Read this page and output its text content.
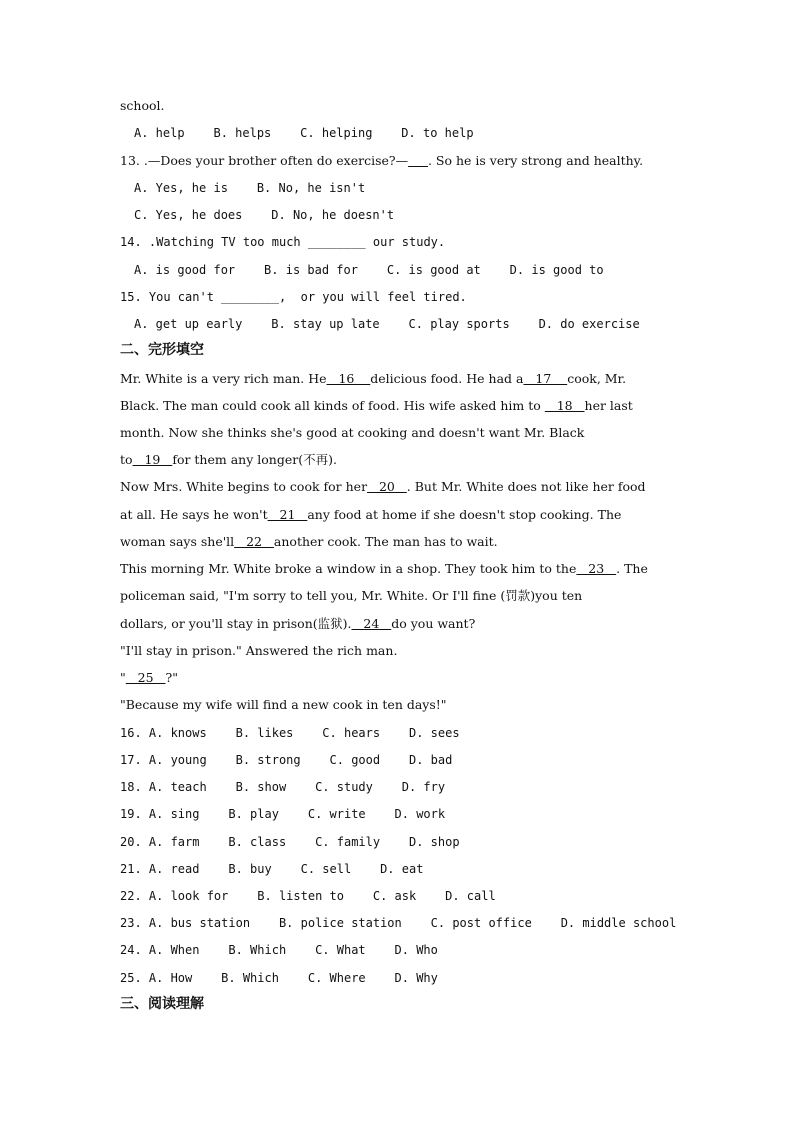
school.
A. help    B. helps    C. helping    D. to help
13. .—Does your brother often do exercise?— . So he is very strong and healthy.
A. Yes, he is    B. No, he isn't
C. Yes, he does    D. No, he doesn't
14. .Watching TV too much ________ our study.
A. is good for    B. is bad for    C. is good at    D. is good to
15. You can't ________,  or you will feel tired.
A. get up early    B. stay up late    C. play sports    D. do exercise
二、完形填空
Mr. White is a very rich man. He   16    delicious food. He had a   17    cook, Mr.
Black. The man could cook all kinds of food. His wife asked him to    18   her last
month. Now she thinks she's good at cooking and doesn't want Mr. Black
to   19   for them any longer(不再).
Now Mrs. White begins to cook for her   20   . But Mr. White does not like her food
at all. He says he won't   21   any food at home if she doesn't stop cooking. The
woman says she'll   22   another cook. The man has to wait.
This morning Mr. White broke a window in a shop. They took him to the   23   . The
policeman said, "I'm sorry to tell you, Mr. White. Or I'll fine (罚款)you ten
dollars, or you'll stay in prison(监狱).   24   do you want?
"I'll stay in prison." Answered the rich man.
"   25   ?"
"Because my wife will find a new cook in ten days!"
16. A. knows    B. likes    C. hears    D. sees
17. A. young    B. strong    C. good    D. bad
18. A. teach    B. show    C. study    D. fry
19. A. sing    B. play    C. write    D. work
20. A. farm    B. class    C. family    D. shop
21. A. read    B. buy    C. sell    D. eat
22. A. look for    B. listen to    C. ask    D. call
23. A. bus station    B. police station    C. post office    D. middle school
24. A. When    B. Which    C. What    D. Who
25. A. How    B. Which    C. Where    D. Why
三、阅读理解
